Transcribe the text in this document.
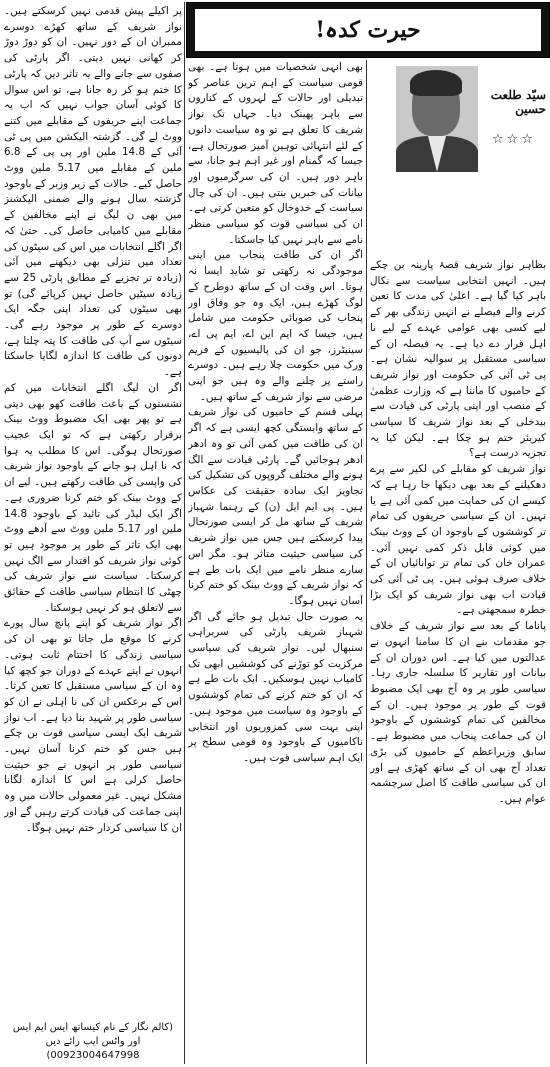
حیرت کدہ!
سیّد طلعت حسین
☆☆☆

بظاہر نواز شریف قصۂ پارینہ بن چکے ہیں۔ انہیں انتخابی سیاست سے نکال باہر کیا گیا ہے۔ اعلیٰ کی مدت کا تعین کرنے والے فیصلے نے انہیں زندگی بھر کے لیے کسی بھی عوامی عہدے کے لیے نا اہل قرار دے دیا ہے۔ یہ فیصلہ ان کے سیاسی مستقبل پر سوالیہ نشان ہے۔ پی ٹی آئی کی حکومت اور نواز شریف کے حامیوں کا ماننا ہے کہ وزارت عظمیٰ کے منصب اور اپنی پارٹی کی قیادت سے بیدخلی کے بعد نواز شریف کا سیاسی کیریئر ختم ہو چکا ہے۔ لیکن کیا یہ تجزیہ درست ہے؟

نواز شریف کو مقابلے کی لکیر سے پرے دھکیلنے کے بعد بھی دیکھا جا رہا ہے کہ کیسے ان کی حمایت میں کمی آئی ہے یا نہیں۔ ان کے سیاسی حریفوں کی تمام تر کوششوں کے باوجود ان کے ووٹ بینک میں کوئی قابل ذکر کمی نہیں آئی۔ عمران خان کی تمام تر توانائیاں ان کے خلاف صرف ہوئی ہیں۔ پی ٹی آئی کی قیادت اب بھی نواز شریف کو ایک بڑا خطرہ سمجھتی ہے۔

پاناما کے بعد سے نواز شریف کے خلاف جو مقدمات بنے ان کا سامنا انہوں نے عدالتوں میں کیا ہے۔ اس دوران ان کے بیانات اور تقاریر کا سلسلہ جاری رہا۔ سیاسی طور پر وہ آج بھی ایک مضبوط قوت کے طور پر موجود ہیں۔ ان کے مخالفین کی تمام کوششوں کے باوجود ان کی جماعت پنجاب میں مضبوط ہے۔ سابق وزیراعظم کے حامیوں کی بڑی تعداد آج بھی ان کے ساتھ کھڑی ہے اور ان کی سیاسی طاقت کا اصل سرچشمہ عوام ہیں۔

بھی انہی شخصیات میں ہوتا ہے۔ بھی قومی سیاست کے اہم ترین عناصر کو تبدیلی اور حالات کے لہروں کے کناروں سے باہر پھینک دیا۔ جہاں تک نواز شریف کا تعلق ہے تو وہ سیاست دانوں کے لئے انتہائی توہین آمیز صورتحال ہے، جیسا کہ گمنام اور غیر اہم ہو جانا، سے باہر دور ہیں۔ ان کی سرگرمیوں اور بیانات کی خبریں بنتی ہیں۔ ان کی چال سیاست کے خدوخال کو متعین کرتی ہے۔ ان کی سیاسی قوت کو سیاسی منظر نامے سے باہر نہیں کیا جاسکتا۔

اگر ان کی طاقت پنجاب میں اپنی موجودگی نہ رکھتی تو شاید ایسا نہ ہوتا۔ اس وقت ان کے ساتھ دوطرح کے لوگ کھڑے ہیں، ایک وہ جو وفاق اور پنجاب کی صوبائی حکومت میں شامل ہیں، جیسا کہ ایم این اے، ایم پی اے، سینیٹرز، جو ان کی پالیسیوں کے فریم ورک میں حکومت چلا رہے ہیں۔ دوسرے راستے پر چلنے والے وہ ہیں جو اپنی مرضی سے نواز شریف کے ساتھ ہیں۔

پہلی قسم کے حامیوں کی نواز شریف کے ساتھ وابستگی کچھ ایسی ہے کہ اگر ان کی طاقت میں کمی آئی تو وہ ادھر ادھر ہوجائیں گے۔ پارٹی قیادت سے الگ ہونے والے مختلف گروپوں کی تشکیل کی تجاویز ایک سادہ حقیقت کی عکاس ہیں۔ پی ایم ایل (ن) کے رہنما شہباز شریف کے ساتھ مل کر ایسی صورتحال پیدا کرسکتے ہیں جس میں نواز شریف کی سیاسی حیثیت متاثر ہو۔ مگر اس سارے منظر نامے میں ایک بات طے ہے کہ نواز شریف کے ووٹ بینک کو ختم کرنا آسان نہیں ہوگا۔

یہ صورت حال تبدیل ہو جائے گی اگر شہباز شریف پارٹی کی سربراہی سنبھال لیں۔ نواز شریف کی سیاسی مرکزیت کو توڑنے کی کوششیں ابھی تک کامیاب نہیں ہوسکیں۔ ایک بات طے ہے کہ ان کو ختم کرنے کی تمام کوششوں کے باوجود وہ سیاست میں موجود ہیں۔ اپنی بہت سی کمزوریوں اور انتخابی ناکامیوں کے باوجود وہ قومی سطح پر ایک اہم سیاسی قوت ہیں۔

پر اکیلے پیش قدمی نہیں کرسکتے ہیں۔ نواز شریف کے ساتھ کھڑے دوسرے ممبران ان کے دور نہیں۔ ان کو دوڑ دوڑ کر کھانی نہیں دیتی۔ اگر پارٹی کی صفوں سے جانے والے یہ تاثر دیں کہ پارٹی کا ختم ہو کر رہ جانا ہے، تو اس سوال کا کوئی آسان جواب نہیں کہ اب یہ جماعت اپنے حریفوں کے مقابلے میں کتنے ووٹ لے گی۔ گزشتہ الیکشن میں پی ٹی آئی کے 14.8 ملین اور پی پی کے 6.8 ملین کے مقابلے میں 5.17 ملین ووٹ حاصل کیے۔ حالات کے زیر وزبر کے باوجود گزشتہ سال ہونے والے ضمنی الیکشنز میں بھی ن لیگ نے اپنے مخالفین کے مقابلے میں کامیابی حاصل کی۔ حتیٰ کہ اگر اگلے انتخابات میں اس کی سیٹوں کی تعداد میں تنزلی بھی دیکھنے میں آئی (زیادہ تر تجزیے کے مطابق پارٹی 25 سے زیادہ سیٹیں حاصل نہیں کرپائے گی) تو بھی سیٹوں کی تعداد اپنی جگہ ایک دوسرے کے طور پر موجود رہے گی۔ سیٹوں سے آپ کی طاقت کا پتہ چلتا ہے، دونوں کی طاقت کا اندازہ لگایا جاسکتا ہے۔

اگر ان لیگ اگلے انتخابات میں کم نشستوں کے باعث طاقت کھو بھی دیتی ہے تو پھر بھی ایک مضبوط ووٹ بینک برقرار رکھتی ہے کہ تو ایک عجیب صورتحال ہوگی۔ اس کا مطلب یہ ہوا کہ نا اہل ہو جانے کے باوجود نواز شریف کی واپسی کی طاقت رکھتے ہیں۔ لیے ان کے ووٹ بینک کو ختم کرنا ضروری ہے۔ اگر ایک لیڈر کی تائید کے باوجود 14.8 ملین اور 5.17 ملین ووٹ سے آدھے ووٹ بھی ایک تاثر کے طور پر موجود ہیں تو کوئی نواز شریف کو اقتدار سے الگ نہیں کرسکتا۔ سیاست سے نواز شریف کی چھٹی کا انتظام سیاسی طاقت کے حقائق سے لاتعلق ہو کر نہیں ہوسکتا۔

اگر نواز شریف کو اپنے پانچ سال پورے کرنے کا موقع مل جاتا تو بھی ان کی سیاسی زندگی کا اختتام ثابت ہوتی۔ انہوں نے اپنے عہدے کے دوران جو کچھ کیا وہ ان کے سیاسی مستقبل کا تعین کرتا۔ اس کے برعکس ان کی نا اہلی نے ان کو سیاسی طور پر شہید بنا دیا ہے۔ اب نواز شریف ایک ایسی سیاسی قوت بن چکے ہیں جس کو ختم کرنا آسان نہیں۔ سیاسی طور پر انہوں نے جو حیثیت حاصل کرلی ہے اس کا اندازہ لگانا مشکل نہیں۔ غیر معمولی حالات میں وہ اپنی جماعت کی قیادت کرتے رہیں گے اور ان کا سیاسی کردار ختم نہیں ہوگا۔

(کالم نگار کے نام کیساتھ ایس ایم ایس اور واٹس ایپ رائے دیں 00923004647998)
